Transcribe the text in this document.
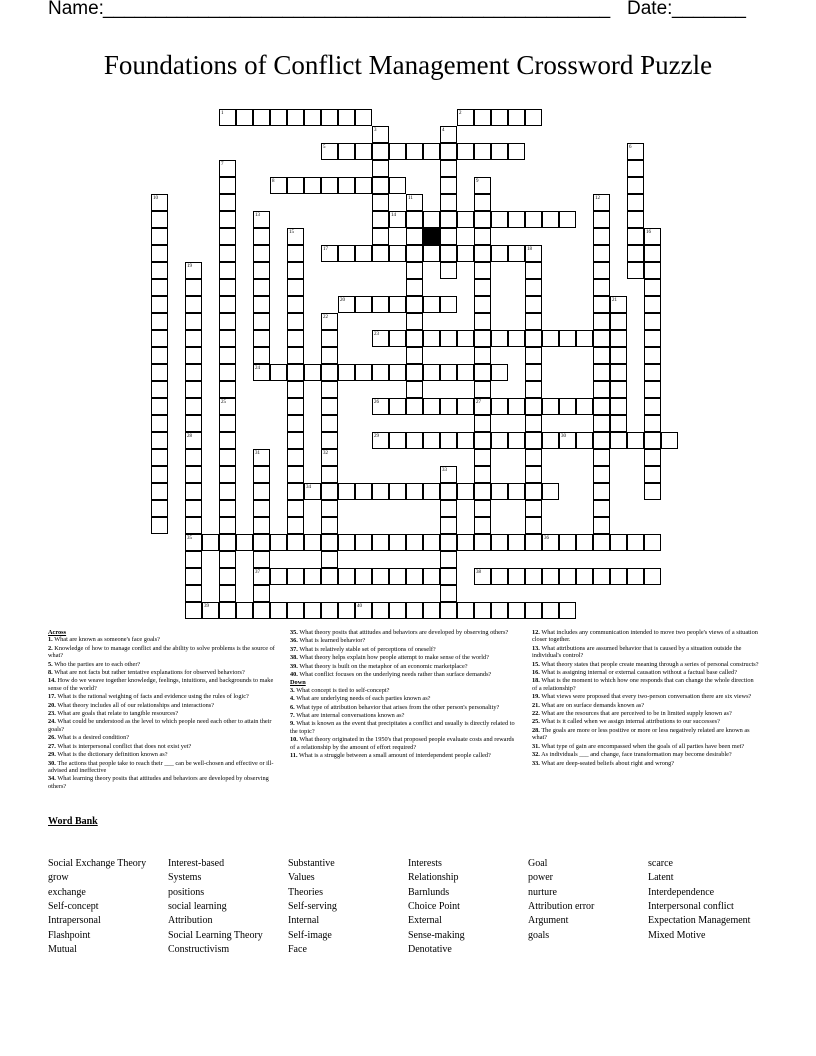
Name: ________________________________________________ Date: _______
Foundations of Conflict Management Crossword Puzzle
1	2
5
8
14
17
20
23
24
26	27
29	30
34
35	36
37	38
39	40
3	4
6
7
9
10	11	12
13
15	16
18
19
21
22
25
28
31	32
33
Across
1. What are known as someone's face goals?
2. Knowledge of how to manage conflict and the ability to solve problems is the source of what?
5. Who the parties are to each other?
8. What are not facts but rather tentative explanations for observed behaviors?
14. How do we weave together knowledge, feelings, intuitions, and backgrounds to make sense of the world?
17. What is the rational weighing of facts and evidence using the rules of logic?
20. What theory includes all of our relationships and interactions?
23. What are goals that relate to tangible resources?
24. What could be understood as the level to which people need each other to attain their goals?
26. What is a desired condition?
27. What is interpersonal conflict that does not exist yet?
29. What is the dictionary definition known as?
30. The actions that people take to reach their ___ can be well-chosen and effective or ill-advised and ineffective
34. What learning theory posits that attitudes and behaviors are developed by observing others?
35. What theory posits that attitudes and behaviors are developed by observing others?
36. What is learned behavior?
37. What is relatively stable set of perceptions of oneself?
38. What theory helps explain how people attempt to make sense of the world?
39. What theory is built on the metaphor of an economic marketplace?
40. What conflict focuses on the underlying needs rather than surface demands?
Down
3. What concept is tied to self-concept?
4. What are underlying needs of each parties known as?
6. What type of attribution behavior that arises from the other person's personality?
7. What are internal conversations known as?
9. What is known as the event that precipitates a conflict and usually is directly related to the topic?
10. What theory originated in the 1950's that proposed people evaluate costs and rewards of a relationship by the amount of effort required?
11. What is a struggle between a small amount of interdependent people called?
12. What includes any communication intended to move two people's views of a situation closer together.
13. What attributions are assumed behavior that is caused by a situation outside the individual's control?
15. What theory states that people create meaning through a series of personal constructs?
16. What is assigning internal or external causation without a factual base called?
18. What is the moment to which how one responds that can change the whole direction of a relationship?
19. What views were proposed that every two-person conversation there are six views?
21. What are on surface demands known as?
22. What are the resources that are perceived to be in limited supply known as?
25. What is it called when we assign internal attributions to our successes?
28. The goals are more or less positive or more or less negatively related are known as what?
31. What type of gain are encompassed when the goals of all parties have been met?
32. As individuals ___ and change, face transformation may become desirable?
33. What are deep-seated beliefs about right and wrong?
Word Bank
Social Exchange Theory
grow
exchange
Self-concept
Intrapersonal
Flashpoint
Mutual
Interest-based
Systems
positions
social learning
Attribution
Social Learning Theory
Constructivism
Substantive
Values
Theories
Self-serving
Internal
Self-image
Face
Interests
Relationship
Barnlunds
Choice Point
External
Sense-making
Denotative
Goal
power
nurture
Attribution error
Argument
goals
scarce
Latent
Interdependence
Interpersonal conflict
Expectation Management
Mixed Motive
